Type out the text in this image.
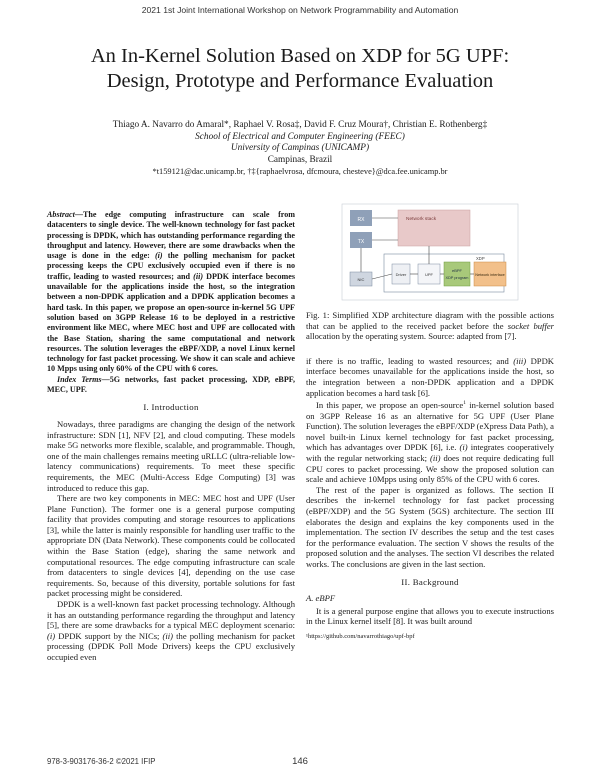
2021 1st Joint International Workshop on Network Programmability and Automation
An In-Kernel Solution Based on XDP for 5G UPF:
Design, Prototype and Performance Evaluation
Thiago A. Navarro do Amaral*, Raphael V. Rosa‡, David F. Cruz Moura†, Christian E. Rothenberg‡
School of Electrical and Computer Engineering (FEEC)
University of Campinas (UNICAMP)
Campinas, Brazil
*t159121@dac.unicamp.br, †‡{raphaelvrosa, dfcmoura, chesteve}@dca.fee.unicamp.br

Abstract—The edge computing infrastructure can scale from datacenters to single device. The well-known technology for fast packet processing is DPDK, which has outstanding performance regarding the throughput and latency. However, there are some drawbacks when the usage is done in the edge: (i) the polling mechanism for packet processing keeps the CPU exclusively occupied even if there is no traffic, leading to wasted resources; and (ii) DPDK interface becomes unavailable for the applications inside the host, so the integration between a non-DPDK application and a DPDK application becomes a hard task. In this paper, we propose an open-source in-kernel 5G UPF solution based on 3GPP Release 16 to be deployed in a restrictive environment like MEC, where MEC host and UPF are collocated with the Base Station, sharing the same computational and network resources. The solution leverages the eBPF/XDP, a novel Linux kernel technology for fast packet processing. We show it can scale and achieve 10 Mpps using only 60% of the CPU with 6 cores.

Index Terms—5G networks, fast packet processing, XDP, eBPF, MEC, UPF.

I. Introduction

Nowadays, three paradigms are changing the design of the network infrastructure: SDN [1], NFV [2], and cloud computing. These models make 5G networks more flexible, scalable, and programmable. Though, one of the main challenges remains meeting uRLLC (ultra-reliable low-latency communications) requirements. To meet these specific requirements, the MEC (Multi-Access Edge Computing) [3] was introduced to reduce this gap.

There are two key components in MEC: MEC host and UPF (User Plane Function). The former one is a general purpose computing facility that provides computing and storage resources to applications [3], while the latter is mainly responsible for handling user traffic to the appropriate DN (Data Network). These components could be collocated within the Base Station (edge), sharing the same network and computational resources. The edge computing infrastructure can scale from datacenters to single devices [4], depending on the use case requirements. So, because of this diversity, portable solutions for fast packet processing might be considered.

DPDK is a well-known fast packet processing technology. Although it has an outstanding performance regarding the throughput and latency [5], there are some drawbacks for a typical MEC deployment scenario: (i) DPDK support by the NICs; (ii) the polling mechanism for packet processing (DPDK Poll Mode Drivers) keeps the CPU exclusively occupied even

RX
TX
Network stack
XDP
Driver	UPF
eBPF
XDP program
Network interface
NIC

Fig. 1: Simplified XDP architecture diagram with the possible actions that can be applied to the received packet before the socket buffer allocation by the operating system. Source: adapted from [7].

if there is no traffic, leading to wasted resources; and (iii) DPDK interface becomes unavailable for the applications inside the host, so the integration between a non-DPDK application and a DPDK application becomes a hard task [6].

In this paper, we propose an open-source$^1$ in-kernel solution based on 3GPP Release 16 as an alternative for 5G UPF (User Plane Function). The solution leverages the eBPF/XDP (eXpress Data Path), a novel built-in Linux kernel technology for fast packet processing, which has advantages over DPDK [6], i.e. (i) integrates cooperatively with the regular networking stack; (ii) does not require dedicating full CPU cores to packet processing. We show the proposed solution can scale and achieve 10Mpps using only 85% of the CPU with 6 cores.

The rest of the paper is organized as follows. The section II describes the in-kernel technology for fast packet processing (eBPF/XDP) and the 5G System (5GS) architecture. The section III elaborates the design and explains the key components used in the implementation. The section IV describes the setup and the test cases for the performance evaluation. The section V shows the results of the proposed solution and the analyses. The section VI describes the related works. The conclusions are given in the last section.

II. Background
A. eBPF

It is a general purpose engine that allows you to execute instructions in the Linux kernel itself [8]. It was built around

¹https://github.com/navarrothiago/upf-bpf
978-3-903176-36-2 ©2021 IFIP	146
